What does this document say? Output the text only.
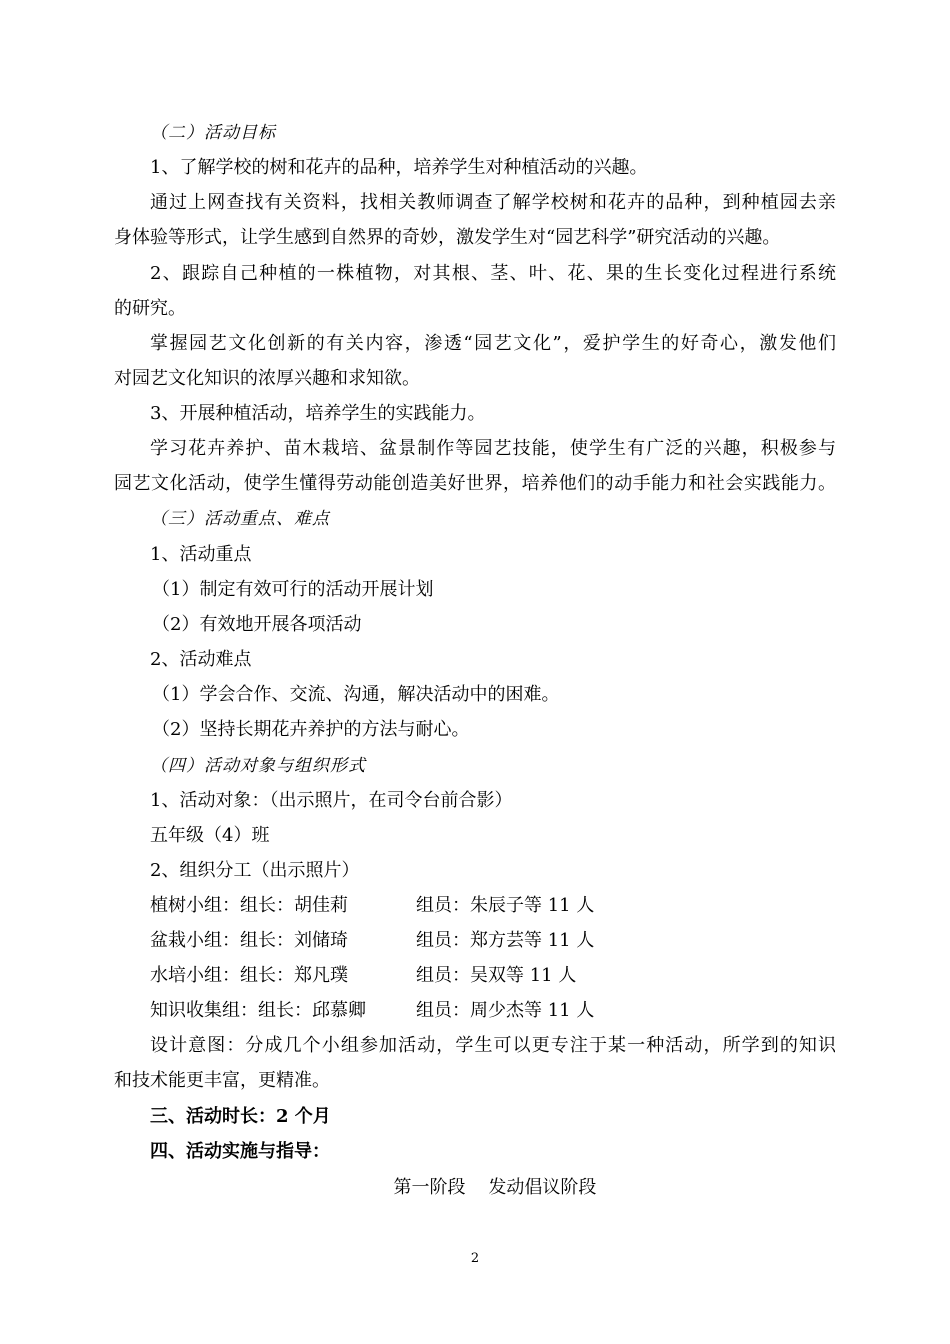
（二）活动目标
1、了解学校的树和花卉的品种，培养学生对种植活动的兴趣。
通过上网查找有关资料，找相关教师调查了解学校树和花卉的品种，到种植园去亲
身体验等形式，让学生感到自然界的奇妙，激发学生对“园艺科学”研究活动的兴趣。
2、跟踪自己种植的一株植物，对其根、茎、叶、花、果的生长变化过程进行系统
的研究。
掌握园艺文化创新的有关内容，渗透“园艺文化”，爱护学生的好奇心，激发他们
对园艺文化知识的浓厚兴趣和求知欲。
3、开展种植活动，培养学生的实践能力。
学习花卉养护、苗木栽培、盆景制作等园艺技能，使学生有广泛的兴趣，积极参与
园艺文化活动，使学生懂得劳动能创造美好世界，培养他们的动手能力和社会实践能力。
（三）活动重点、难点
1、活动重点
（1）制定有效可行的活动开展计划
（2）有效地开展各项活动
2、活动难点
（1）学会合作、交流、沟通，解决活动中的困难。
（2）坚持长期花卉养护的方法与耐心。
（四）活动对象与组织形式
1、活动对象：（出示照片，在司令台前合影）
五年级（4）班
2、组织分工（出示照片）
植树小组：组长：胡佳莉	组员：朱辰子等 11 人
盆栽小组：组长：刘储琦	组员：郑方芸等 11 人
水培小组：组长：郑凡璞	组员：吴双等 11 人
知识收集组：组长：邱慕卿	组员：周少杰等 11 人
设计意图：分成几个小组参加活动，学生可以更专注于某一种活动，所学到的知识
和技术能更丰富，更精准。
三、活动时长：2 个月
四、活动实施与指导：
第一阶段    发动倡议阶段
2
